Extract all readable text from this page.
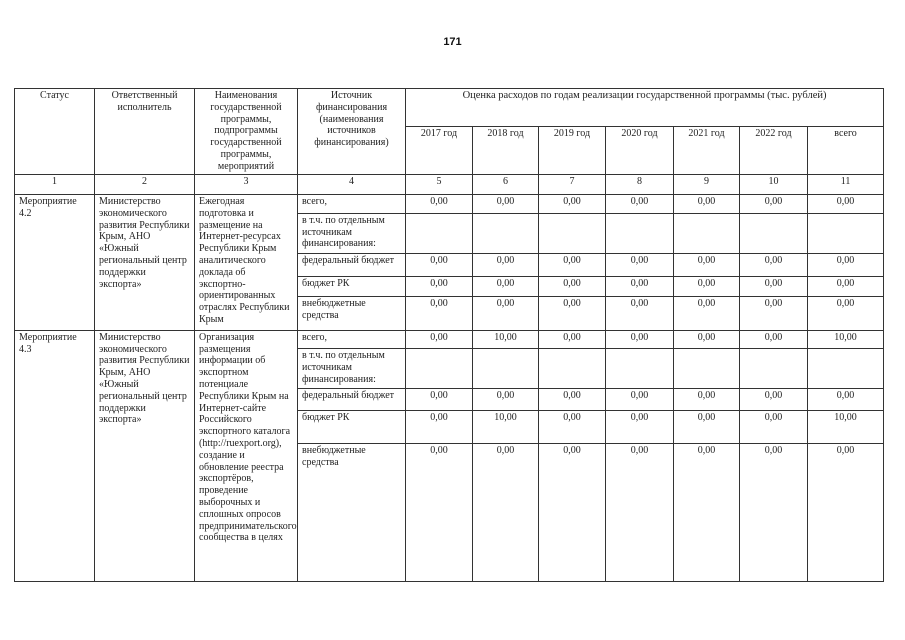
171
Статус	Ответственный исполнитель	Наименования государственной программы, подпрограммы государственной программы, мероприятий	Источник финансирования (наименования источников финансирования)	Оценка расходов по годам реализации государственной программы (тыс. рублей)						
				2017 год	2018 год	2019 год	2020 год	2021 год	2022 год	всего
1	2	3	4	5	6	7	8	9	10	11
Мероприятие 4.2	Министерство экономического развития Республики Крым, АНО «Южный региональный центр поддержки экспорта»	Ежегодная подготовка и размещение на Интернет-ресурсах Республики Крым аналитического доклада об экспортно-ориентированных отраслях Республики Крым	всего,	0,00	0,00	0,00	0,00	0,00	0,00	0,00
			в т.ч. по отдельным источникам финансирования:							
			федеральный бюджет	0,00	0,00	0,00	0,00	0,00	0,00	0,00
			бюджет РК	0,00	0,00	0,00	0,00	0,00	0,00	0,00
			внебюджетные средства	0,00	0,00	0,00	0,00	0,00	0,00	0,00
Мероприятие 4.3	Министерство экономического развития Республики Крым, АНО «Южный региональный центр поддержки экспорта»	Организация размещения информации об экспортном потенциале Республики Крым на Интернет-сайте Российского экспортного каталога (http://ruexport.org), создание и обновление реестра экспортёров, проведение выборочных и сплошных опросов предпринимательского сообщества в целях	всего,	0,00	10,00	0,00	0,00	0,00	0,00	10,00
			в т.ч. по отдельным источникам финансирования:							
			федеральный бюджет	0,00	0,00	0,00	0,00	0,00	0,00	0,00
			бюджет РК	0,00	10,00	0,00	0,00	0,00	0,00	10,00
			внебюджетные средства	0,00	0,00	0,00	0,00	0,00	0,00	0,00
